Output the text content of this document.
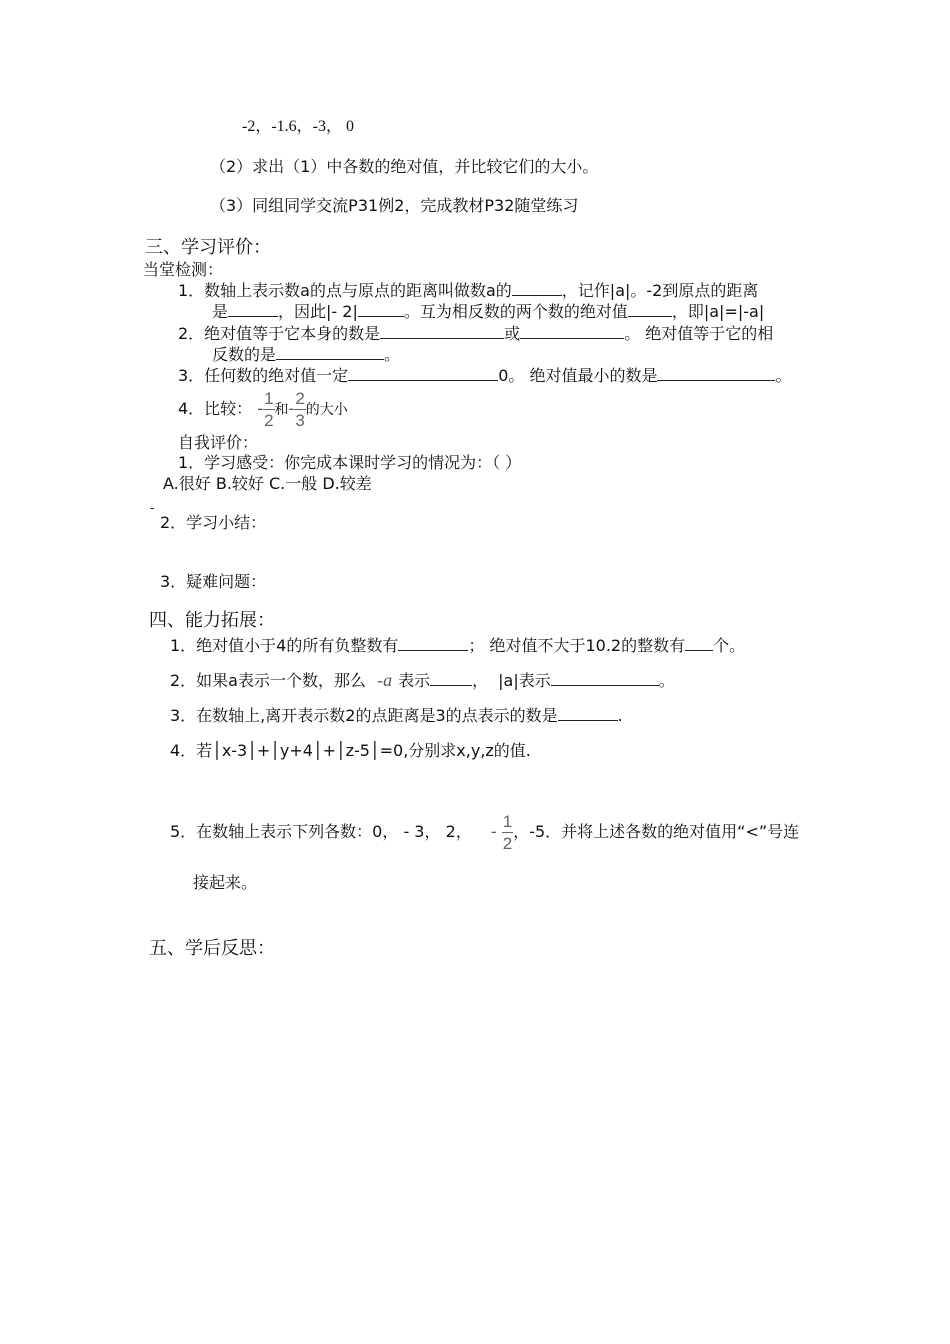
-2，-1.6，-3， 0
（2）求出（1）中各数的绝对值，并比较它们的大小。
（3）同组同学交流P31例2，完成教材P32随堂练习
三、学习评价：
当堂检测：
1．数轴上表示数a的点与原点的距离叫做数a的	，记作|a|。-2到原点的距离
是	，因此|- 2|	。互为相反数的两个数的绝对值	，即|a|=|-a|
2．绝对值等于它本身的数是	或	。 绝对值等于它的相
反数的是	。
3．任何数的绝对值一定	0。 绝对值最小的数是	。
4．比较： - $\frac{1}{2}$ 和- $\frac{2}{3}$ 的大小
自我评价：
1．学习感受：你完成本课时学习的情况为：（ ）
A.很好 B.较好 C.一般 D.较差
-
2．学习小结：
3．疑难问题：
四、能力拓展：
1．绝对值小于4的所有负整数有	； 绝对值不大于10.2的整数有 个。
2．如果a表示一个数，那么 -a 表示	， |a|表示	。
3．在数轴上,离开表示数2的点距离是3的点表示的数是	.
4．若│x-3│+│y+4│+│z-5│=0,分别求x,y,z的值.
5．在数轴上表示下列各数：0， - 3， 2， - $\frac{1}{2}$ ，-5．并将上述各数的绝对值用“<”号连
接起来。
五、学后反思：
